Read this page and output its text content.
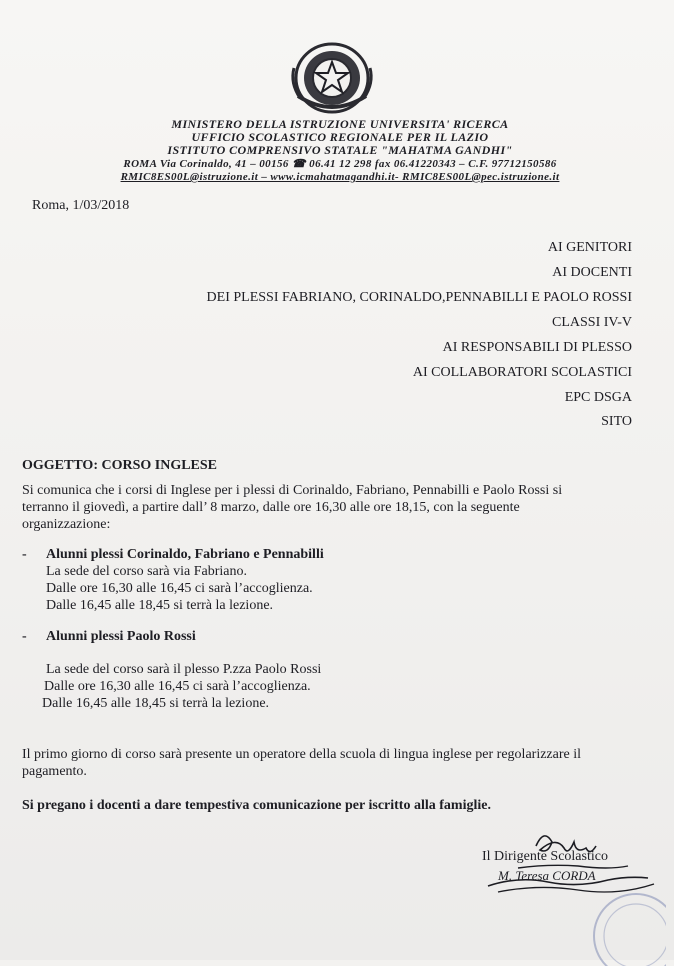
MINISTERO DELLA ISTRUZIONE UNIVERSITA' RICERCA
UFFICIO SCOLASTICO REGIONALE PER IL LAZIO
ISTITUTO COMPRENSIVO STATALE "MAHATMA GANDHI"
ROMA Via Corinaldo, 41 – 00156 ☎ 06.41 12 298 fax 06.41220343 – C.F. 97712150586
RMIC8ES00L@istruzione.it – www.icmahatmagandhi.it- RMIC8ES00L@pec.istruzione.it
Roma, 1/03/2018
AI GENITORI
AI DOCENTI
DEI PLESSI FABRIANO, CORINALDO,PENNABILLI E PAOLO ROSSI
CLASSI IV-V
AI RESPONSABILI DI PLESSO
AI COLLABORATORI SCOLASTICI
EPC DSGA
SITO
OGGETTO: CORSO INGLESE
Si comunica che i corsi di Inglese per i plessi di Corinaldo, Fabriano, Pennabilli e Paolo Rossi si
terranno il giovedì, a partire dall’ 8 marzo, dalle ore 16,30 alle ore 18,15, con la seguente
organizzazione:
- Alunni plessi Corinaldo, Fabriano e Pennabilli
La sede del corso sarà via Fabriano.
Dalle ore 16,30 alle 16,45 ci sarà l’accoglienza.
Dalle 16,45 alle 18,45 si terrà la lezione.
- Alunni plessi Paolo Rossi
La sede del corso sarà il plesso P.zza Paolo Rossi
Dalle ore 16,30 alle 16,45 ci sarà l’accoglienza.
Dalle 16,45 alle 18,45 si terrà la lezione.
Il primo giorno di corso sarà presente un operatore della scuola di lingua inglese per regolarizzare il
pagamento.
Si pregano i docenti a dare tempestiva comunicazione per iscritto alla famiglie.
Il Dirigente Scolastico
M. Teresa CORDA
